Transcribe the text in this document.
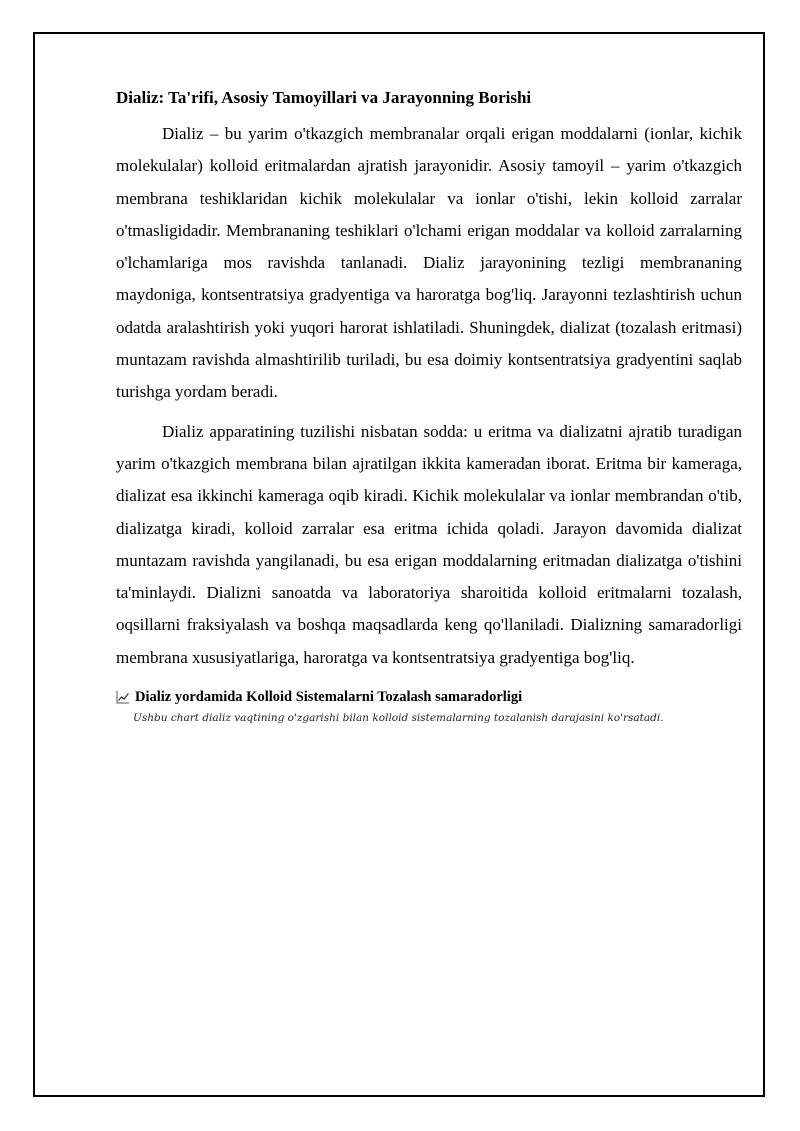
Dializ: Ta'rifi, Asosiy Tamoyillari va Jarayonning Borishi

Dializ – bu yarim o'tkazgich membranalar orqali erigan moddalarni (ionlar, kichik molekulalar) kolloid eritmalardan ajratish jarayonidir. Asosiy tamoyil – yarim o'tkazgich membrana teshiklaridan kichik molekulalar va ionlar o'tishi, lekin kolloid zarralar o'tmasligidadir. Membrananing teshiklari o'lchami erigan moddalar va kolloid zarralarning o'lchamlariga mos ravishda tanlanadi. Dializ jarayonining tezligi membrananing maydoniga, kontsentratsiya gradyentiga va haroratga bog'liq. Jarayonni tezlashtirish uchun odatda aralashtirish yoki yuqori harorat ishlatiladi. Shuningdek, dializat (tozalash eritmasi) muntazam ravishda almashtirilib turiladi, bu esa doimiy kontsentratsiya gradyentini saqlab turishga yordam beradi.

Dializ apparatining tuzilishi nisbatan sodda: u eritma va dializatni ajratib turadigan yarim o'tkazgich membrana bilan ajratilgan ikkita kameradan iborat. Eritma bir kameraga, dializat esa ikkinchi kameraga oqib kiradi. Kichik molekulalar va ionlar membrandan o'tib, dializatga kiradi, kolloid zarralar esa eritma ichida qoladi. Jarayon davomida dializat muntazam ravishda yangilanadi, bu esa erigan moddalarning eritmadan dializatga o'tishini ta'minlaydi. Dializni sanoatda va laboratoriya sharoitida kolloid eritmalarni tozalash, oqsillarni fraksiyalash va boshqa maqsadlarda keng qo'llaniladi. Dializning samaradorligi membrana xususiyatlariga, haroratga va kontsentratsiya gradyentiga bog'liq.

Dializ yordamida Kolloid Sistemalarni Tozalash samaradorligi
Ushbu chart dializ vaqtining o'zgarishi bilan kolloid sistemalarning tozalanish darajasini ko'rsatadi.
